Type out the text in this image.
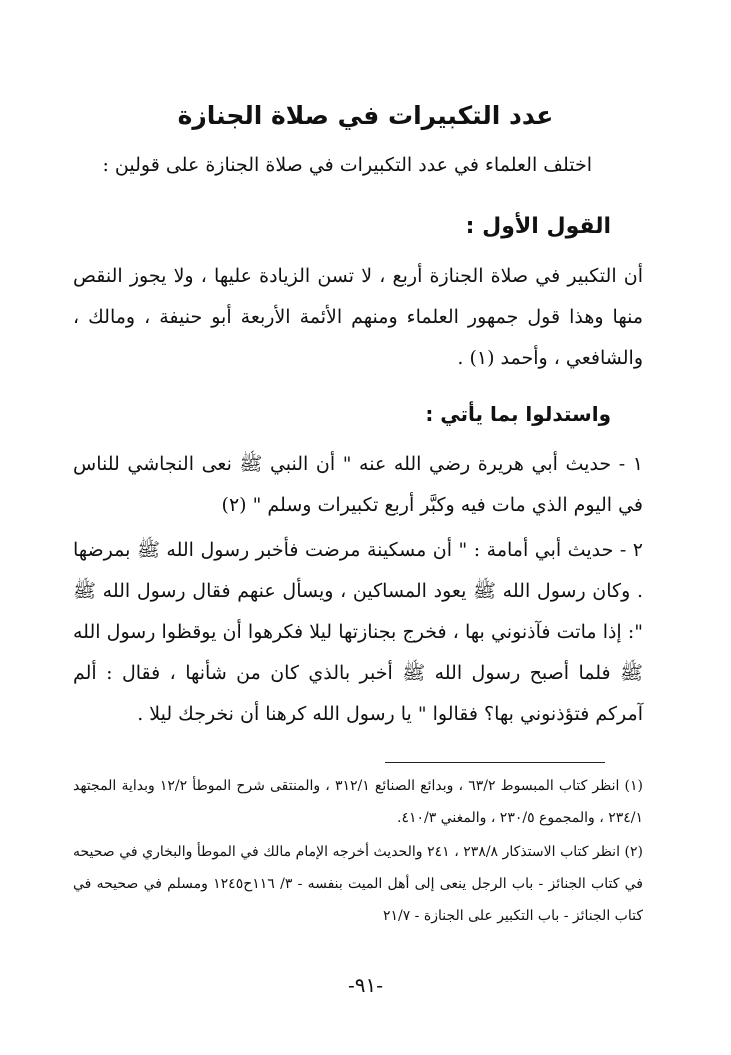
عدد التكبيرات في صلاة الجنازة
اختلف العلماء في عدد التكبيرات في صلاة الجنازة على قولين :
القول الأول :
أن التكبير في صلاة الجنازة أربع ، لا تسن الزيادة عليها ، ولا يجوز النقص منها وهذا قول جمهور العلماء ومنهم الأئمة الأربعة أبو حنيفة ، ومالك ، والشافعي ، وأحمد (١) .
واستدلوا بما يأتي :
١ - حديث أبي هريرة رضي الله عنه " أن النبي ﷺ نعى النجاشي للناس في اليوم الذي مات فيه وكبَّر أربع تكبيرات وسلم " (٢)
٢ - حديث أبي أمامة : " أن مسكينة مرضت فأخبر رسول الله ﷺ بمرضها . وكان رسول الله ﷺ يعود المساكين ، ويسأل عنهم فقال رسول الله ﷺ ": إذا ماتت فآذنوني بها ، فخرج بجنازتها ليلا فكرهوا أن يوقظوا رسول الله ﷺ فلما أصبح رسول الله ﷺ أخبر بالذي كان من شأنها ، فقال : ألم آمركم فتؤذنوني بها؟ فقالوا " يا رسول الله كرهنا أن نخرجك ليلا .
(١) انظر كتاب المبسوط ٦٣/٢ ، وبدائع الصنائع ٣١٢/١ ، والمنتقى شرح الموطأ ١٢/٢ وبداية المجتهد ٢٣٤/١ ، والمجموع ٢٣٠/٥ ، والمغني ٤١٠/٣.
(٢) انظر كتاب الاستذكار ٢٣٨/٨ ، ٢٤١ والحديث أخرجه الإمام مالك في الموطأ والبخاري في صحيحه في كتاب الجنائز - باب الرجل ينعى إلى أهل الميت بنفسه - ٣/ ١١٦ح١٢٤٥ ومسلم في صحيحه في كتاب الجنائز - باب التكبير على الجنازة - ٢١/٧
-٩١-
